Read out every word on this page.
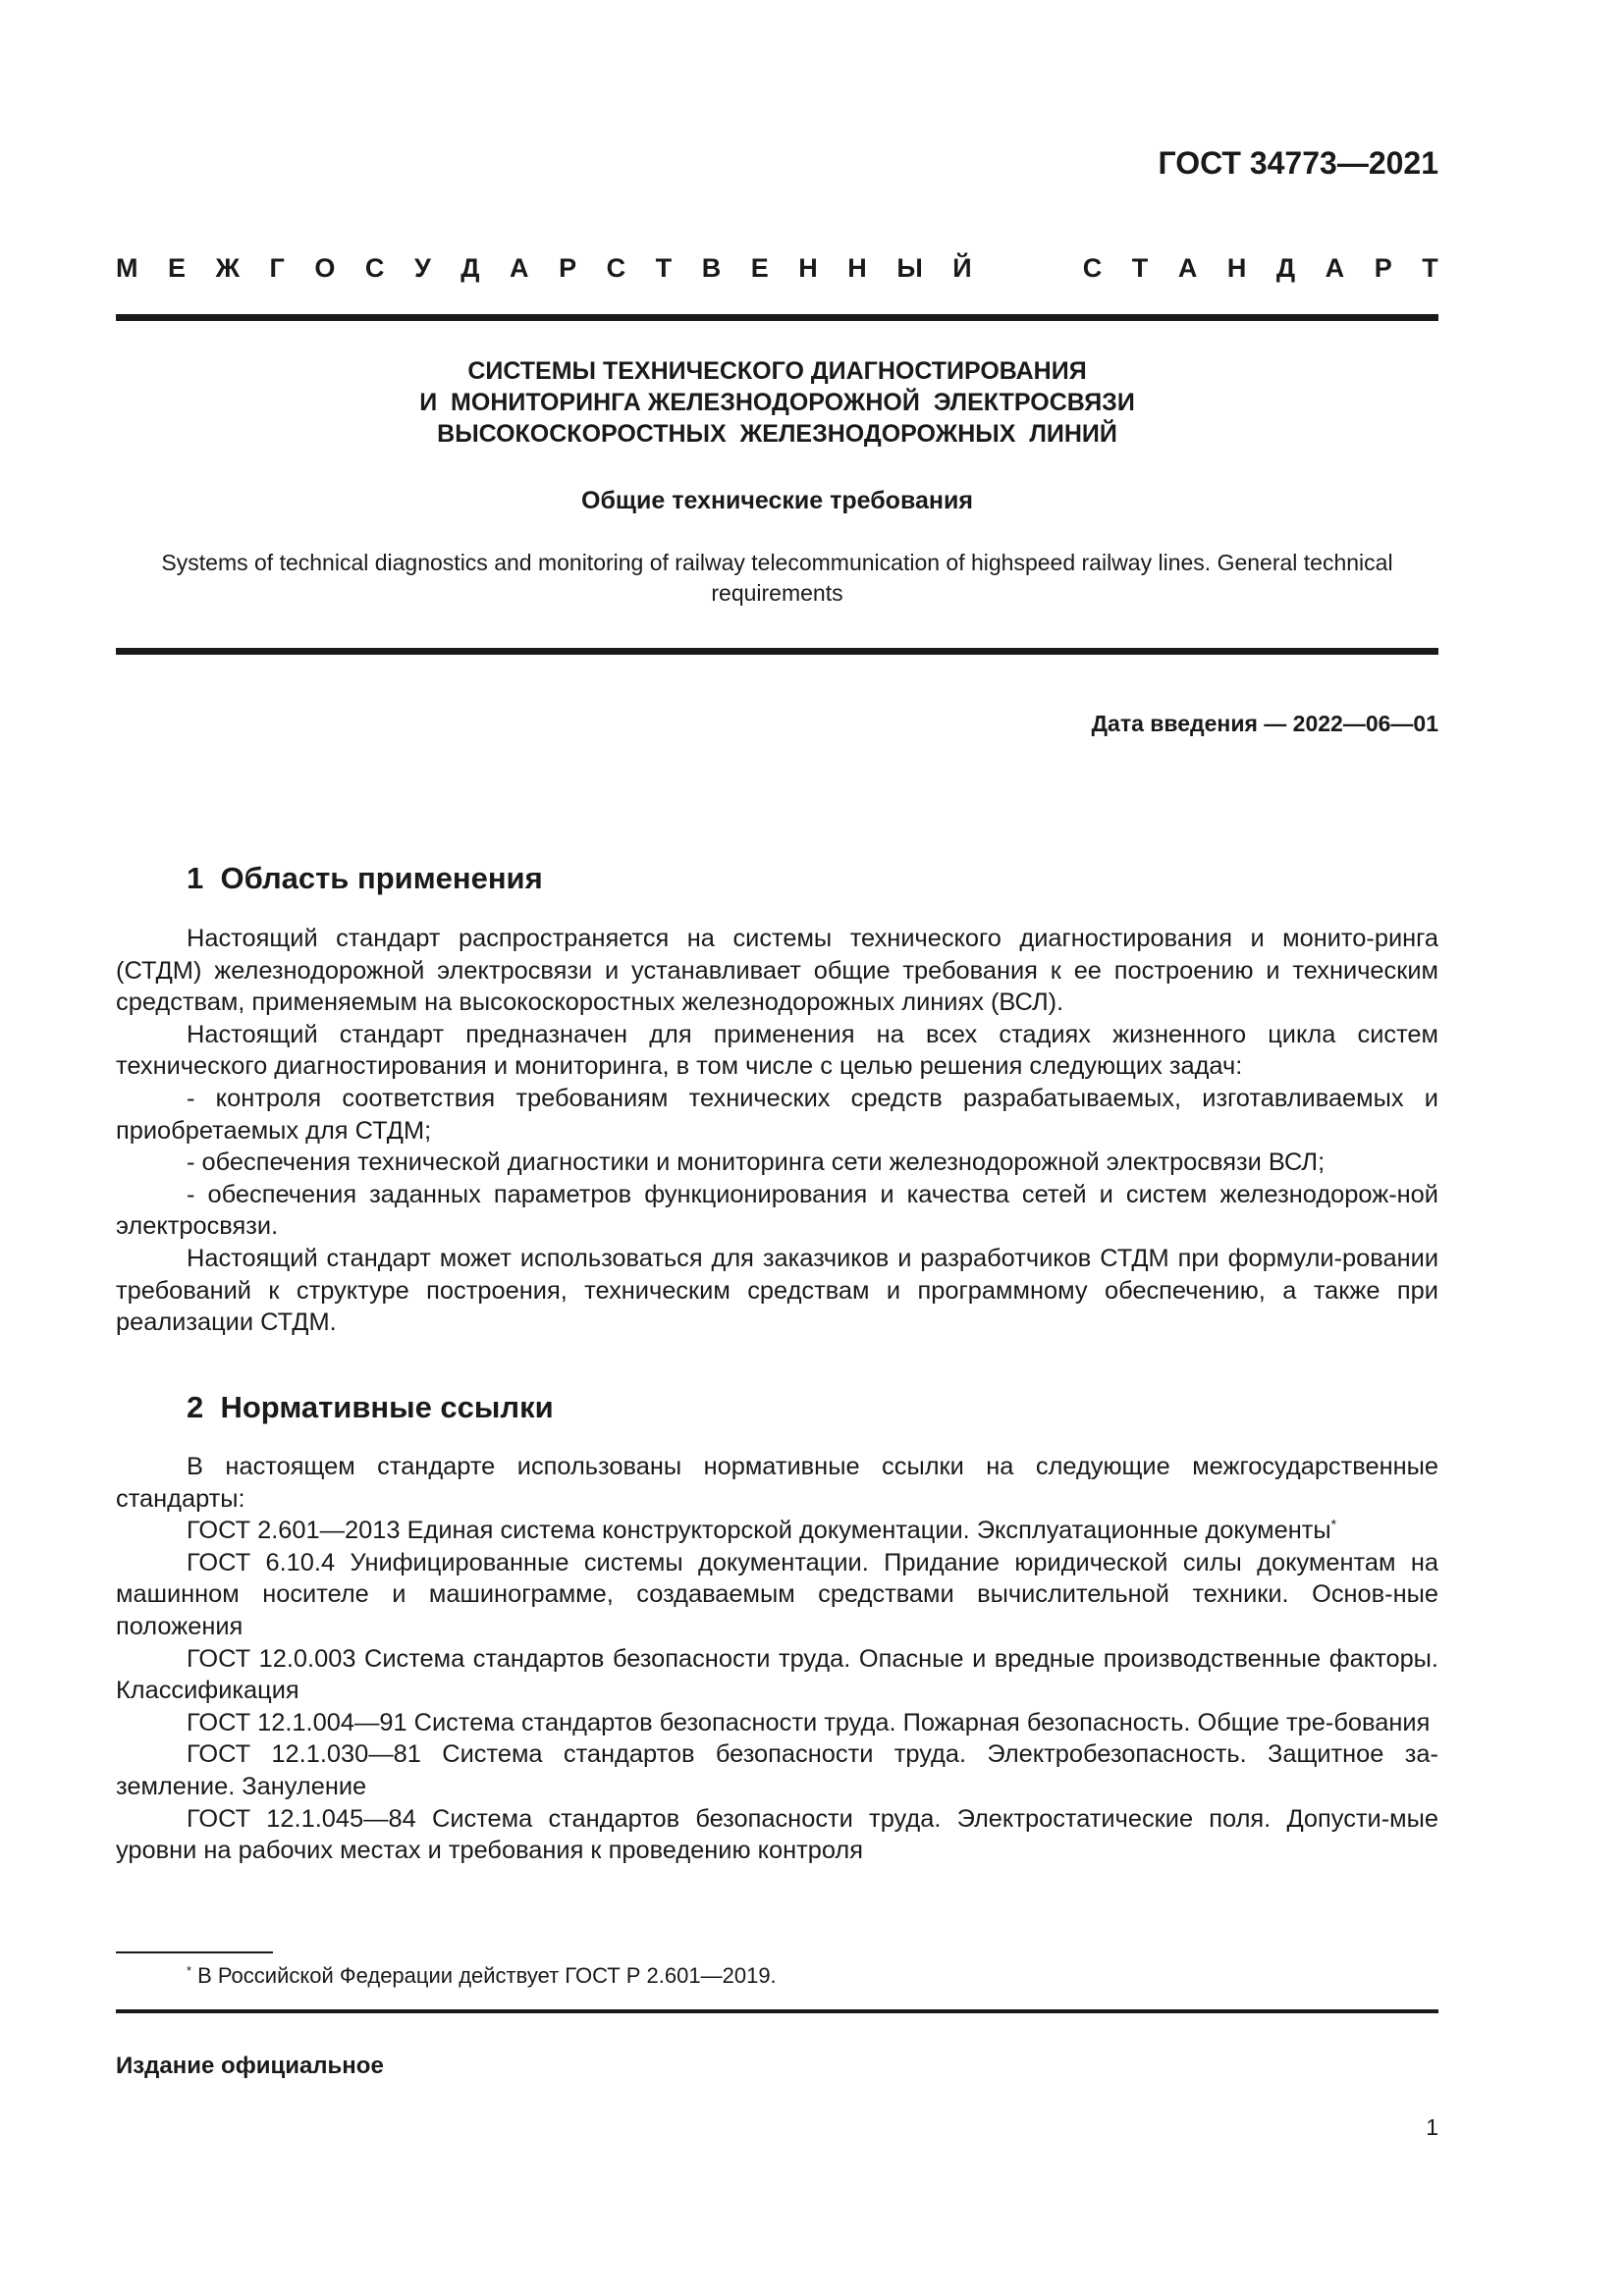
ГОСТ 34773—2021
М Е Ж Г О С У Д А Р С Т В Е Н Н Ы Й	С Т А Н Д А Р Т
СИСТЕМЫ ТЕХНИЧЕСКОГО ДИАГНОСТИРОВАНИЯ
И  МОНИТОРИНГА ЖЕЛЕЗНОДОРОЖНОЙ  ЭЛЕКТРОСВЯЗИ
ВЫСОКОСКОРОСТНЫХ  ЖЕЛЕЗНОДОРОЖНЫХ  ЛИНИЙ
Общие технические требования
Systems of technical diagnostics and monitoring of railway telecommunication of highspeed railway lines. General technical requirements
Дата введения — 2022—06—01
1  Область применения

Настоящий стандарт распространяется на системы технического диагностирования и монито-ринга (СТДМ) железнодорожной электросвязи и устанавливает общие требования к ее построению и техническим средствам, применяемым на высокоскоростных железнодорожных линиях (ВСЛ).

Настоящий стандарт предназначен для применения на всех стадиях жизненного цикла систем технического диагностирования и мониторинга, в том числе с целью решения следующих задач:

- контроля соответствия требованиям технических средств разрабатываемых, изготавливаемых и приобретаемых для СТДМ;

- обеспечения технической диагностики и мониторинга сети железнодорожной электросвязи ВСЛ;

- обеспечения заданных параметров функционирования и качества сетей и систем железнодорож-ной электросвязи.

Настоящий стандарт может использоваться для заказчиков и разработчиков СТДМ при формули-ровании требований к структуре построения, техническим средствам и программному обеспечению, а также при реализации СТДМ.

2  Нормативные ссылки

В настоящем стандарте использованы нормативные ссылки на следующие межгосударственные стандарты:

ГОСТ 2.601—2013 Единая система конструкторской документации. Эксплуатационные документы*

ГОСТ 6.10.4 Унифицированные системы документации. Придание юридической силы документам на машинном носителе и машинограмме, создаваемым средствами вычислительной техники. Основ-ные положения

ГОСТ 12.0.003 Система стандартов безопасности труда. Опасные и вредные производственные факторы. Классификация

ГОСТ 12.1.004—91 Система стандартов безопасности труда. Пожарная безопасность. Общие тре-бования

ГОСТ 12.1.030—81 Система стандартов безопасности труда. Электробезопасность. Защитное за-земление. Зануление

ГОСТ 12.1.045—84 Система стандартов безопасности труда. Электростатические поля. Допусти-мые уровни на рабочих местах и требования к проведению контроля

* В Российской Федерации действует ГОСТ Р 2.601—2019.
Издание официальное
1
